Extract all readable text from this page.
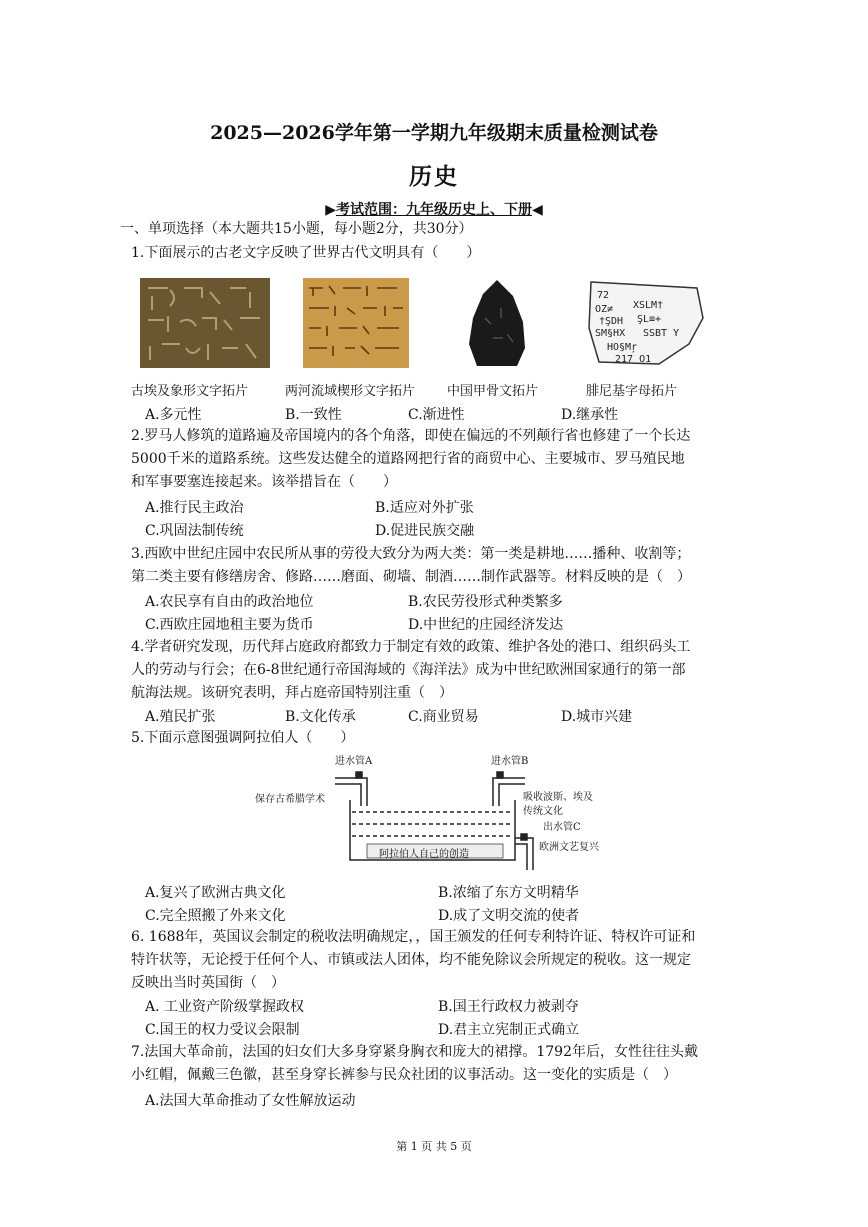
2025—2026学年第一学期九年级期末质量检测试卷
历史
▶考试范围：九年级历史上、下册◀
一、单项选择（本大题共15小题，每小题2分，共30分）
1.下面展示的古老文字反映了世界古代文明具有（　　）
72
OZ≠ XSLM†
†ŞDH ŞL≡+
SM§HX SSBT Y
HO§Mŗ
217 O1
古埃及象形文字拓片	两河流域楔形文字拓片 中国甲骨文拓片	腓尼基字母拓片
A.多元性	B.一致性	C.渐进性	D.继承性
2.罗马人修筑的道路遍及帝国境内的各个角落，即使在偏远的不列颠行省也修建了一个长达
5000千米的道路系统。这些发达健全的道路网把行省的商贸中心、主要城市、罗马殖民地
和军事要塞连接起来。该举措旨在（　　）
A.推行民主政治	B.适应对外扩张
C.巩固法制传统	D.促进民族交融
3.西欧中世纪庄园中农民所从事的劳役大致分为两大类：第一类是耕地……播种、收割等；
第二类主要有修缮房舍、修路……磨面、砌墙、制酒……制作武器等。材料反映的是（　）
A.农民享有自由的政治地位	B.农民劳役形式种类繁多
C.西欧庄园地租主要为货币	D.中世纪的庄园经济发达
4.学者研究发现，历代拜占庭政府都致力于制定有效的政策、维护各处的港口、组织码头工
人的劳动与行会；在6-8世纪通行帝国海域的《海洋法》成为中世纪欧洲国家通行的第一部
航海法规。该研究表明，拜占庭帝国特别注重（　）
A.殖民扩张	B.文化传承	C.商业贸易	D.城市兴建
5.下面示意图强调阿拉伯人（　　）
进水管A	进水管B
保存古希腊学术	吸收波斯、埃及
传统文化
出水管C
欧洲文艺复兴
阿拉伯人自己的创造
A.复兴了欧洲古典文化	B.浓缩了东方文明精华
C.完全照搬了外来文化	D.成了文明交流的使者
6. 1688年，英国议会制定的税收法明确规定，，国王颁发的任何专利特许证、特权许可证和
特许状等，无论授于任何个人、市镇或法人团体，均不能免除议会所规定的税收。这一规定
反映出当时英国街（　）
A. 工业资产阶级掌握政权	B.国王行政权力被剥夺
C.国王的权力受议会限制	D.君主立宪制正式确立
7.法国大革命前，法国的妇女们大多身穿紧身胸衣和庞大的裙撑。1792年后，女性往往头戴
小红帽，佩戴三色徽，甚至身穿长裤参与民众社团的议事活动。这一变化的实质是（　）
A.法国大革命推动了女性解放运动
第 1 页 共 5 页
